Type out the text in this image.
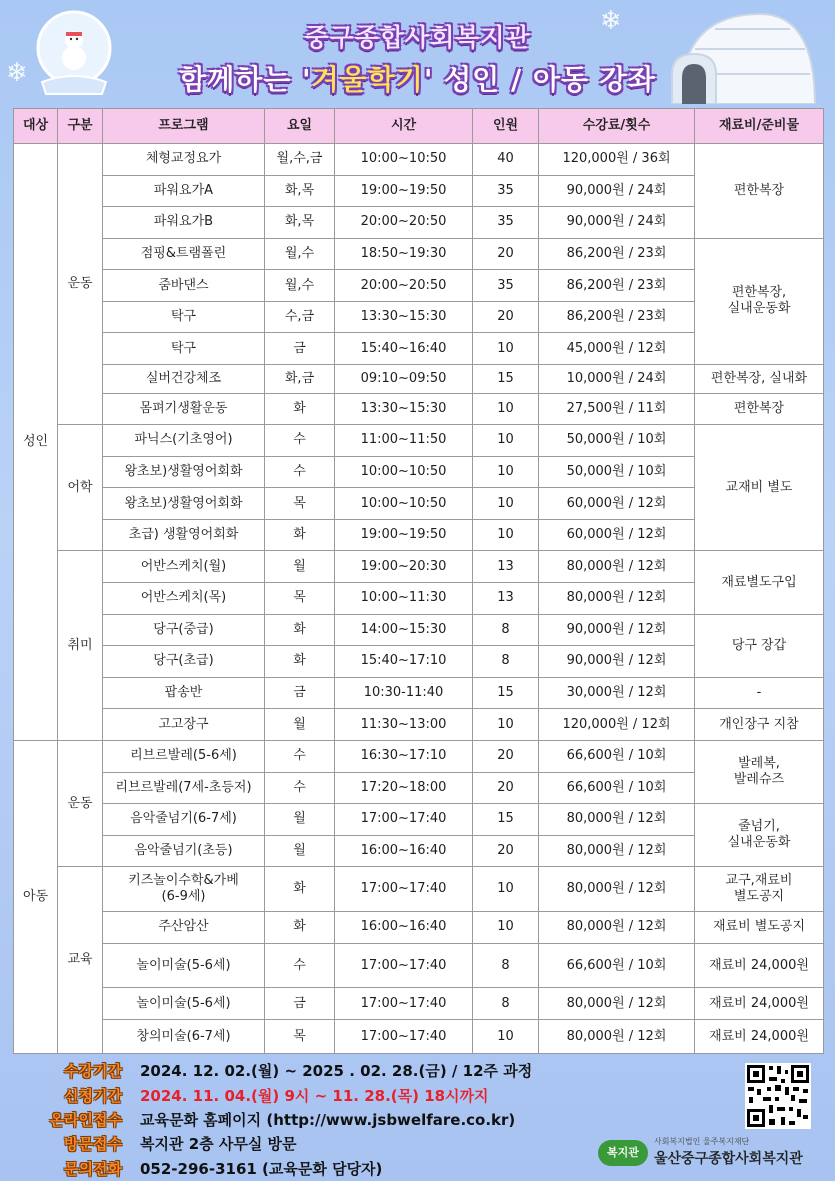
❄
❄
중구종합사회복지관
함께하는 '겨울학기' 성인 / 아동 강좌
대상	구분	프로그램	요일	시간	인원	수강료/횟수	재료비/준비물
성인	운동	체형교정요가	월,수,금	10:00~10:50	40	120,000원 / 36회	편한복장
		파워요가A	화,목	19:00~19:50	35	90,000원 / 24회	
		파워요가B	화,목	20:00~20:50	35	90,000원 / 24회	
		점핑&트램폴린	월,수	18:50~19:30	20	86,200원 / 23회	편한복장,
실내운동화
		줌바댄스	월,수	20:00~20:50	35	86,200원 / 23회	
		탁구	수,금	13:30~15:30	20	86,200원 / 23회	
		탁구	금	15:40~16:40	10	45,000원 / 12회	
		실버건강체조	화,금	09:10~09:50	15	10,000원 / 24회	편한복장, 실내화
		몸펴기생활운동	화	13:30~15:30	10	27,500원 / 11회	편한복장
	어학	파닉스(기초영어)	수	11:00~11:50	10	50,000원 / 10회	교재비 별도
		왕초보)생활영어회화	수	10:00~10:50	10	50,000원 / 10회	
		왕초보)생활영어회화	목	10:00~10:50	10	60,000원 / 12회	
		초급) 생활영어회화	화	19:00~19:50	10	60,000원 / 12회	
	취미	어반스케치(월)	월	19:00~20:30	13	80,000원 / 12회	재료별도구입
		어반스케치(목)	목	10:00~11:30	13	80,000원 / 12회	
		당구(중급)	화	14:00~15:30	8	90,000원 / 12회	당구 장갑
		당구(초급)	화	15:40~17:10	8	90,000원 / 12회	
		팝송반	금	10:30-11:40	15	30,000원 / 12회	-
		고고장구	월	11:30~13:00	10	120,000원 / 12회	개인장구 지참
아동	운동	리브르발레(5-6세)	수	16:30~17:10	20	66,600원 / 10회	발레복,
발레슈즈
		리브르발레(7세-초등저)	수	17:20~18:00	20	66,600원 / 10회	
		음악줄넘기(6-7세)	월	17:00~17:40	15	80,000원 / 12회	줄넘기,
실내운동화
		음악줄넘기(초등)	월	16:00~16:40	20	80,000원 / 12회	
	교육	키즈놀이수학&가베
(6-9세)	화	17:00~17:40	10	80,000원 / 12회	교구,재료비
별도공지
		주산암산	화	16:00~16:40	10	80,000원 / 12회	재료비 별도공지
		놀이미술(5-6세)	수	17:00~17:40	8	66,600원 / 10회	재료비 24,000원
		놀이미술(5-6세)	금	17:00~17:40	8	80,000원 / 12회	재료비 24,000원
		창의미술(6-7세)	목	17:00~17:40	10	80,000원 / 12회	재료비 24,000원
수강기간 2024. 12. 02.(월) ~ 2025 . 02. 28.(금) / 12주 과정
신청기간 2024. 11. 04.(월) 9시 ~ 11. 28.(목) 18시까지
온라인접수 교육문화 홈페이지 (http://www.jsbwelfare.co.kr)
방문접수 복지관 2층 사무실 방문
문의전화 052-296-3161 (교육문화 담당자)
복지관
사회복지법인 울주복지재단
울산중구종합사회복지관
